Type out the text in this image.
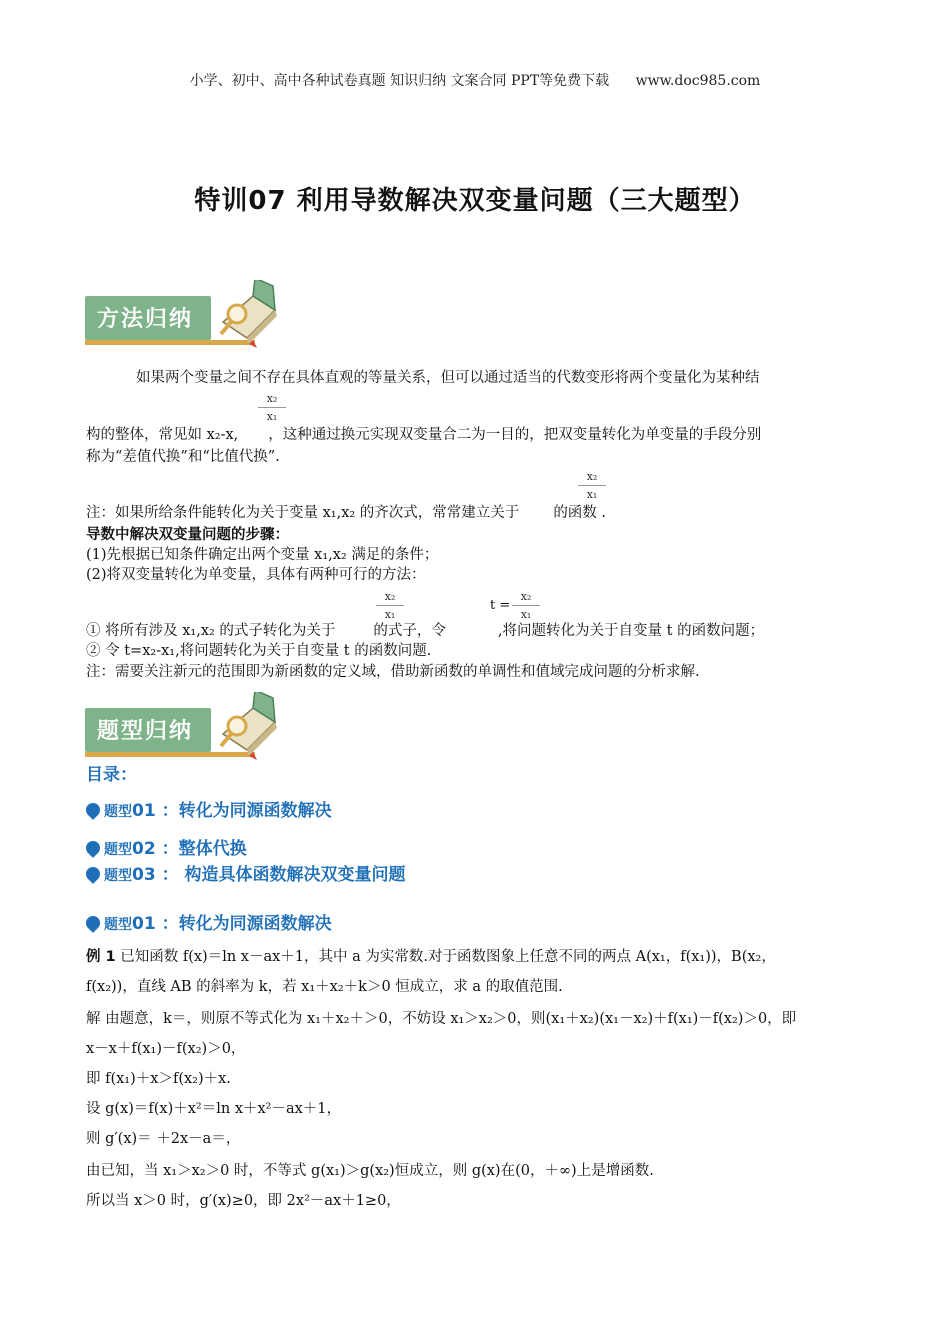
小学、初中、高中各种试卷真题 知识归纳 文案合同 PPT等免费下载 www.doc985.com
特训07 利用导数解决双变量问题（三大题型）
方法归纳
如果两个变量之间不存在具体直观的等量关系，但可以通过适当的代数变形将两个变量化为某种结
$\frac{\text{x₂}}{\text{x₁}}$
构的整体，常见如 x₂-x, ，这种通过换元实现双变量合二为一目的，把双变量转化为单变量的手段分别
称为“差值代换”和“比值代换”.
$\frac{\text{x₂}}{\text{x₁}}$
注：如果所给条件能转化为关于变量 x₁,x₂ 的齐次式，常常建立关于 的函数 .
导数中解决双变量问题的步骤：
(1)先根据已知条件确定出两个变量 x₁,x₂ 满足的条件；
(2)将双变量转化为单变量，具体有两种可行的方法：
$\frac{\text{x₂}}{\text{x₁}}$	$t = \frac{\text{x₂}}{\text{x₁}}$
① 将所有涉及 x₁,x₂ 的式子转化为关于	的式子，令	,将问题转化为关于自变量 t 的函数问题；
② 令 t=x₂-x₁,将问题转化为关于自变量 t 的函数问题.
注：需要关注新元的范围即为新函数的定义域，借助新函数的单调性和值域完成问题的分析求解.
题型归纳
目录：
题型01 ：转化为同源函数解决
题型02 ：整体代换
题型03 ： 构造具体函数解决双变量问题
题型01 ：转化为同源函数解决
例 1 已知函数 f(x)＝ln x－ax＋1，其中 a 为实常数.对于函数图象上任意不同的两点 A(x₁，f(x₁))，B(x₂，
f(x₂))，直线 AB 的斜率为 k，若 x₁＋x₂＋k＞0 恒成立，求 a 的取值范围.
解 由题意，k＝，则原不等式化为 x₁＋x₂＋＞0，不妨设 x₁＞x₂＞0，则(x₁＋x₂)(x₁－x₂)＋f(x₁)－f(x₂)＞0，即
x－x＋f(x₁)－f(x₂)＞0，
即 f(x₁)＋x＞f(x₂)＋x.
设 g(x)＝f(x)＋x²＝ln x＋x²－ax＋1，
则 g′(x)＝ ＋2x－a＝，
由已知，当 x₁＞x₂＞0 时，不等式 g(x₁)＞g(x₂)恒成立，则 g(x)在(0，＋∞)上是增函数.
所以当 x＞0 时，g′(x)≥0，即 2x²－ax＋1≥0，
